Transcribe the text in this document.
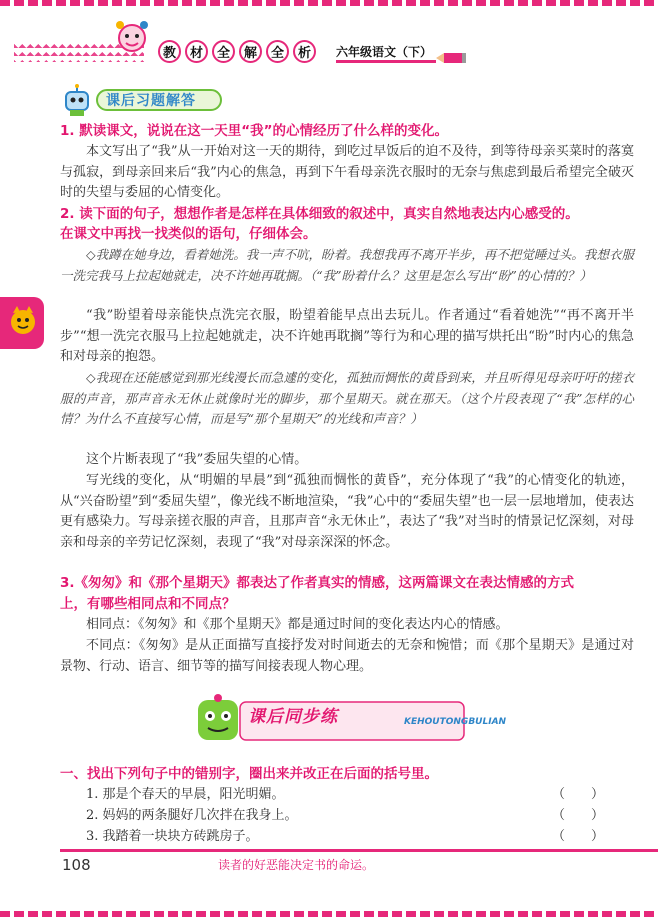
教	材	全	解	全	析	六年级语文（下）
课后习题解答
1. 默读课文，说说在这一天里“我”的心情经历了什么样的变化。
本文写出了“我”从一开始对这一天的期待，到吃过早饭后的迫不及待，到等待母亲买菜时的落寞与孤寂，到母亲回来后“我”内心的焦急，再到下午看母亲洗衣服时的无奈与焦虑到最后希望完全破灭时的失望与委屈的心情变化。
2. 读下面的句子，想想作者是怎样在具体细致的叙述中，真实自然地表达内心感受的。
在课文中再找一找类似的语句，仔细体会。
◇我蹲在她身边，看着她洗。我一声不吭，盼着。我想我再不离开半步，再不把觉睡过头。我想衣服一洗完我马上拉起她就走，决不许她再耽搁。（“我”盼着什么？这里是怎么写出“盼”的心情的？）
“我”盼望着母亲能快点洗完衣服，盼望着能早点出去玩儿。作者通过“看着她洗”“再不离开半步”“想一洗完衣服马上拉起她就走，决不许她再耽搁”等行为和心理的描写烘托出“盼”时内心的焦急和对母亲的抱怨。
◇我现在还能感觉到那光线漫长而急遽的变化，孤独而惆怅的黄昏到来，并且听得见母亲吁吁的搓衣服的声音，那声音永无休止就像时光的脚步，那个星期天。就在那天。（这个片段表现了“我”怎样的心情？为什么不直接写心情，而是写“那个星期天”的光线和声音？）
这个片断表现了“我”委屈失望的心情。
写光线的变化，从“明媚的早晨”到“孤独而惆怅的黄昏”，充分体现了“我”的心情变化的轨迹，从“兴奋盼望”到“委屈失望”，像光线不断地渲染，“我”心中的“委屈失望”也一层一层地增加，使表达更有感染力。写母亲搓衣服的声音，且那声音“永无休止”，表达了“我”对当时的情景记忆深刻，对母亲和母亲的辛劳记忆深刻，表现了“我”对母亲深深的怀念。
3.《匆匆》和《那个星期天》都表达了作者真实的情感，这两篇课文在表达情感的方式
上，有哪些相同点和不同点？
相同点：《匆匆》和《那个星期天》都是通过时间的变化表达内心的情感。
不同点：《匆匆》是从正面描写直接抒发对时间逝去的无奈和惋惜；而《那个星期天》是通过对景物、行动、语言、细节等的描写间接表现人物心理。
课后同步练	KEHOUTONGBULIAN
一、找出下列句子中的错别字，圈出来并改正在后面的括号里。
1. 那是个春天的早晨，阳光明媚。	（　　）
2. 妈妈的两条腿好几次拌在我身上。	（　　）
3. 我踏着一块块方砖跳房子。	（　　）
108	读者的好恶能决定书的命运。
